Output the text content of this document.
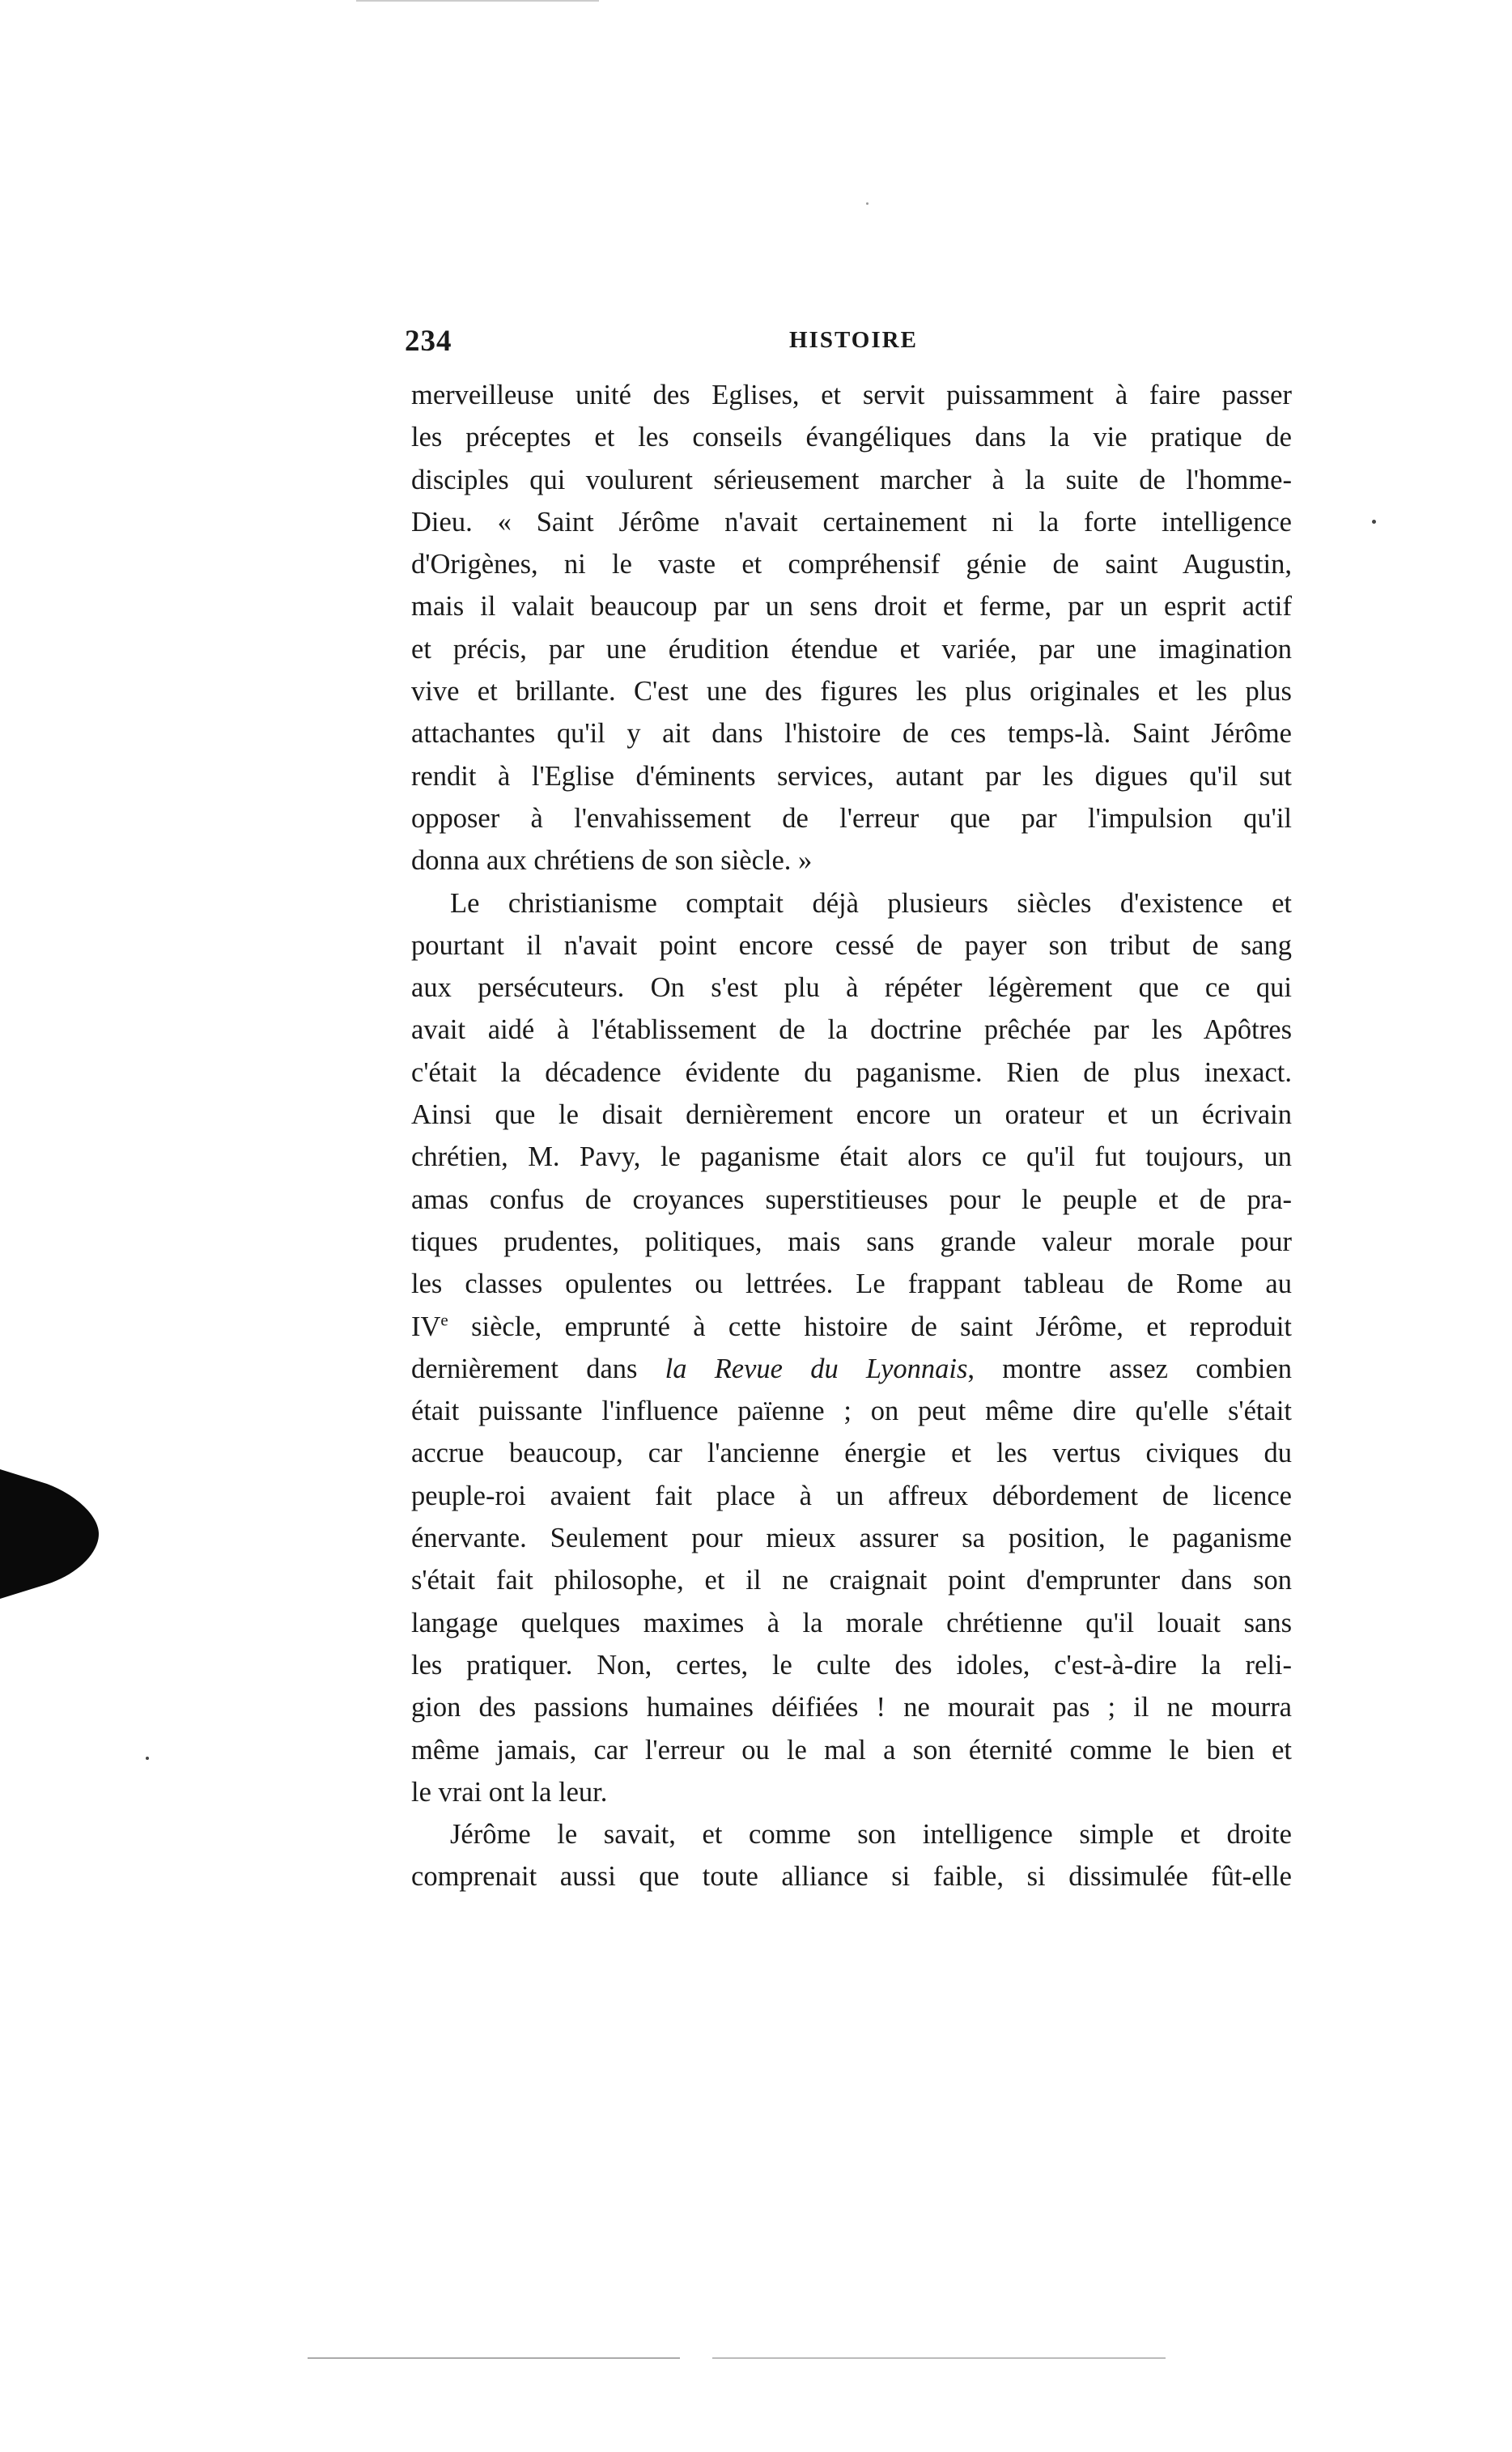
234	HISTOIRE
merveilleuse unité des Eglises, et servit puissamment à faire passer
les préceptes et les conseils évangéliques dans la vie pratique de
disciples qui voulurent sérieusement marcher à la suite de l'homme-
Dieu. « Saint Jérôme n'avait certainement ni la forte intelligence
d'Origènes, ni le vaste et compréhensif génie de saint Augustin,
mais il valait beaucoup par un sens droit et ferme, par un esprit actif
et précis, par une érudition étendue et variée, par une imagination
vive et brillante. C'est une des figures les plus originales et les plus
attachantes qu'il y ait dans l'histoire de ces temps-là. Saint Jérôme
rendit à l'Eglise d'éminents services, autant par les digues qu'il sut
opposer à l'envahissement de l'erreur que par l'impulsion qu'il
donna aux chrétiens de son siècle. »
Le christianisme comptait déjà plusieurs siècles d'existence et
pourtant il n'avait point encore cessé de payer son tribut de sang
aux persécuteurs. On s'est plu à répéter légèrement que ce qui
avait aidé à l'établissement de la doctrine prêchée par les Apôtres
c'était la décadence évidente du paganisme. Rien de plus inexact.
Ainsi que le disait dernièrement encore un orateur et un écrivain
chrétien, M. Pavy, le paganisme était alors ce qu'il fut toujours, un
amas confus de croyances superstitieuses pour le peuple et de pra-
tiques prudentes, politiques, mais sans grande valeur morale pour
les classes opulentes ou lettrées. Le frappant tableau de Rome au
IVe siècle, emprunté à cette histoire de saint Jérôme, et reproduit
dernièrement dans la Revue du Lyonnais, montre assez combien
était puissante l'influence païenne ; on peut même dire qu'elle s'était
accrue beaucoup, car l'ancienne énergie et les vertus civiques du
peuple-roi avaient fait place à un affreux débordement de licence
énervante. Seulement pour mieux assurer sa position, le paganisme
s'était fait philosophe, et il ne craignait point d'emprunter dans son
langage quelques maximes à la morale chrétienne qu'il louait sans
les pratiquer. Non, certes, le culte des idoles, c'est-à-dire la reli-
gion des passions humaines déifiées ! ne mourait pas ; il ne mourra
même jamais, car l'erreur ou le mal a son éternité comme le bien et
le vrai ont la leur.
Jérôme le savait, et comme son intelligence simple et droite
comprenait aussi que toute alliance si faible, si dissimulée fût-elle
